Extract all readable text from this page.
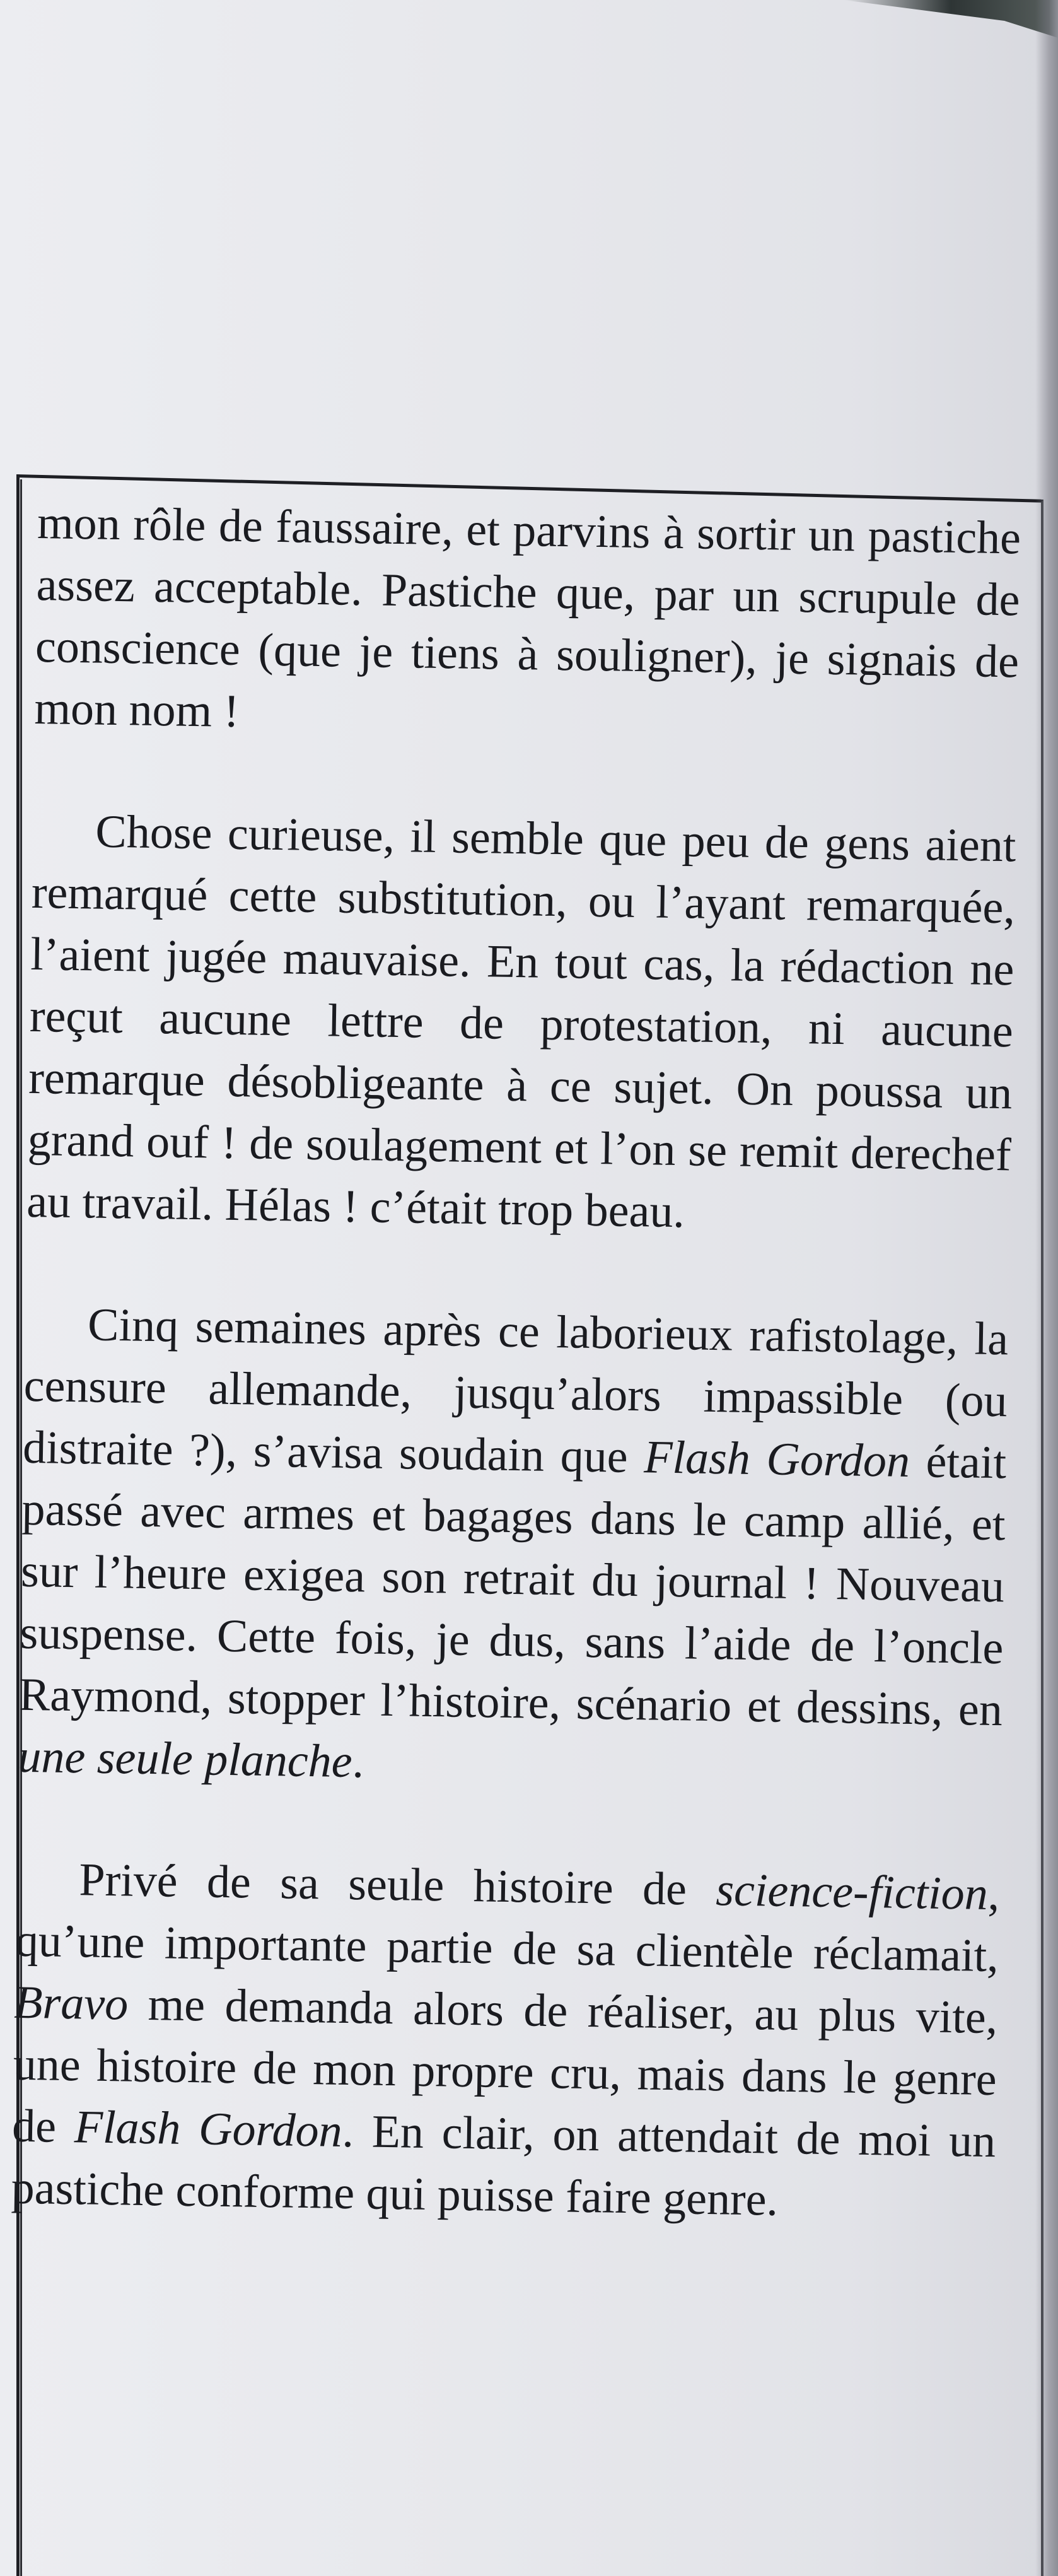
mon rôle de faussaire, et parvins à sortir un pastiche assez acceptable. Pastiche que, par un scrupule de conscience (que je tiens à souligner), je signais de mon nom !

Chose curieuse, il semble que peu de gens aient remarqué cette substitution, ou l’ayant remarquée, l’aient jugée mauvaise. En tout cas, la rédaction ne reçut aucune lettre de protestation, ni aucune remarque désobligeante à ce sujet. On poussa un grand ouf ! de soulagement et l’on se remit derechef au travail. Hélas ! c’était trop beau.

Cinq semaines après ce laborieux rafistolage, la censure allemande, jusqu’alors impassible (ou distraite ?), s’avisa soudain que Flash Gordon était passé avec armes et bagages dans le camp allié, et sur l’heure exigea son retrait du journal ! Nouveau suspense. Cette fois, je dus, sans l’aide de l’oncle Raymond, stopper l’histoire, scénario et dessins, en une seule planche.

Privé de sa seule histoire de science-fiction, qu’une importante partie de sa clientèle réclamait, Bravo me demanda alors de réaliser, au plus vite, une histoire de mon propre cru, mais dans le genre de Flash Gordon. En clair, on attendait de moi un pastiche conforme qui puisse faire genre.
